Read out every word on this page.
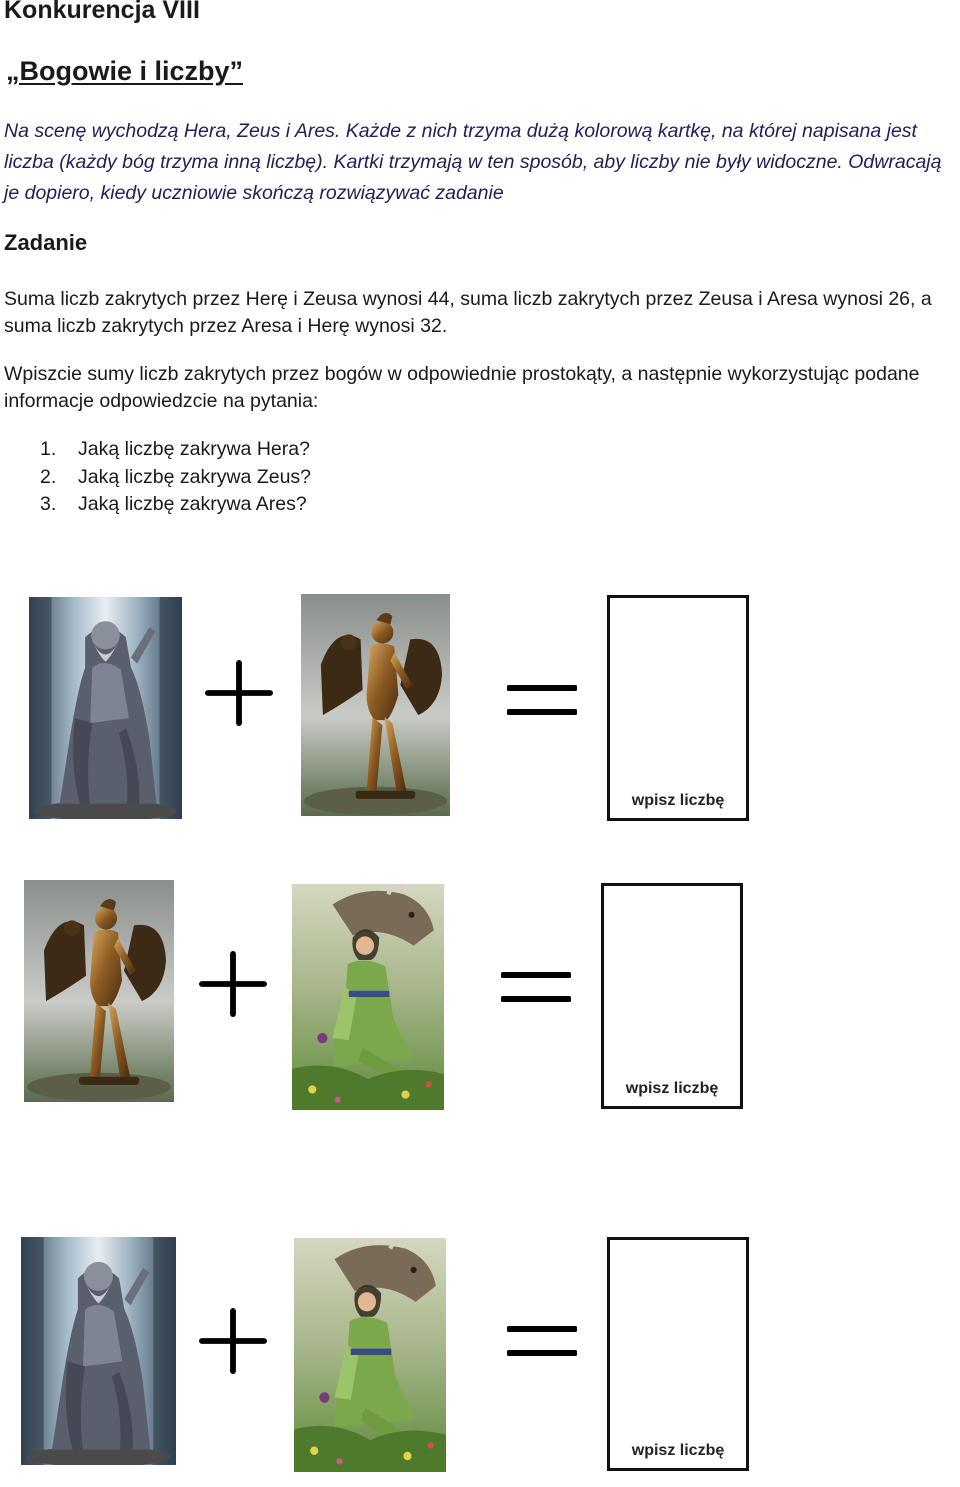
Konkurencja VIII
„Bogowie i liczby”
Na scenę wychodzą Hera, Zeus i Ares. Każde z nich trzyma dużą kolorową kartkę, na której napisana jest liczba (każdy bóg trzyma inną liczbę). Kartki trzymają w ten sposób, aby liczby nie były widoczne. Odwracają je dopiero, kiedy uczniowie skończą rozwiązywać zadanie
Zadanie
Suma liczb zakrytych przez Herę i Zeusa wynosi 44, suma liczb zakrytych przez Zeusa i Aresa wynosi 26, a suma liczb zakrytych przez Aresa i Herę wynosi 32.
Wpiszcie sumy liczb zakrytych przez bogów w odpowiednie prostokąty, a następnie wykorzystując podane informacje odpowiedzcie na pytania:
1. Jaką liczbę zakrywa Hera?
2. Jaką liczbę zakrywa Zeus?
3. Jaką liczbę zakrywa Ares?
wpisz liczbę
wpisz liczbę
wpisz liczbę
